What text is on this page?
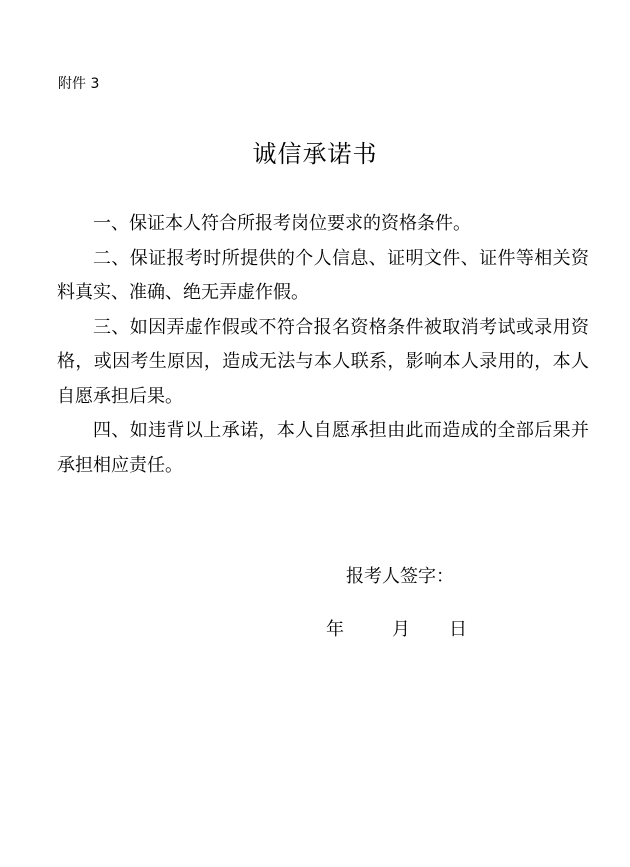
附件 3
诚信承诺书

一、保证本人符合所报考岗位要求的资格条件。

二、保证报考时所提供的个人信息、证明文件、证件等相关资料真实、准确、绝无弄虚作假。

三、如因弄虚作假或不符合报名资格条件被取消考试或录用资格，或因考生原因，造成无法与本人联系，影响本人录用的，本人自愿承担后果。

四、如违背以上承诺，本人自愿承担由此而造成的全部后果并承担相应责任。

报考人签字：
年	月 日
